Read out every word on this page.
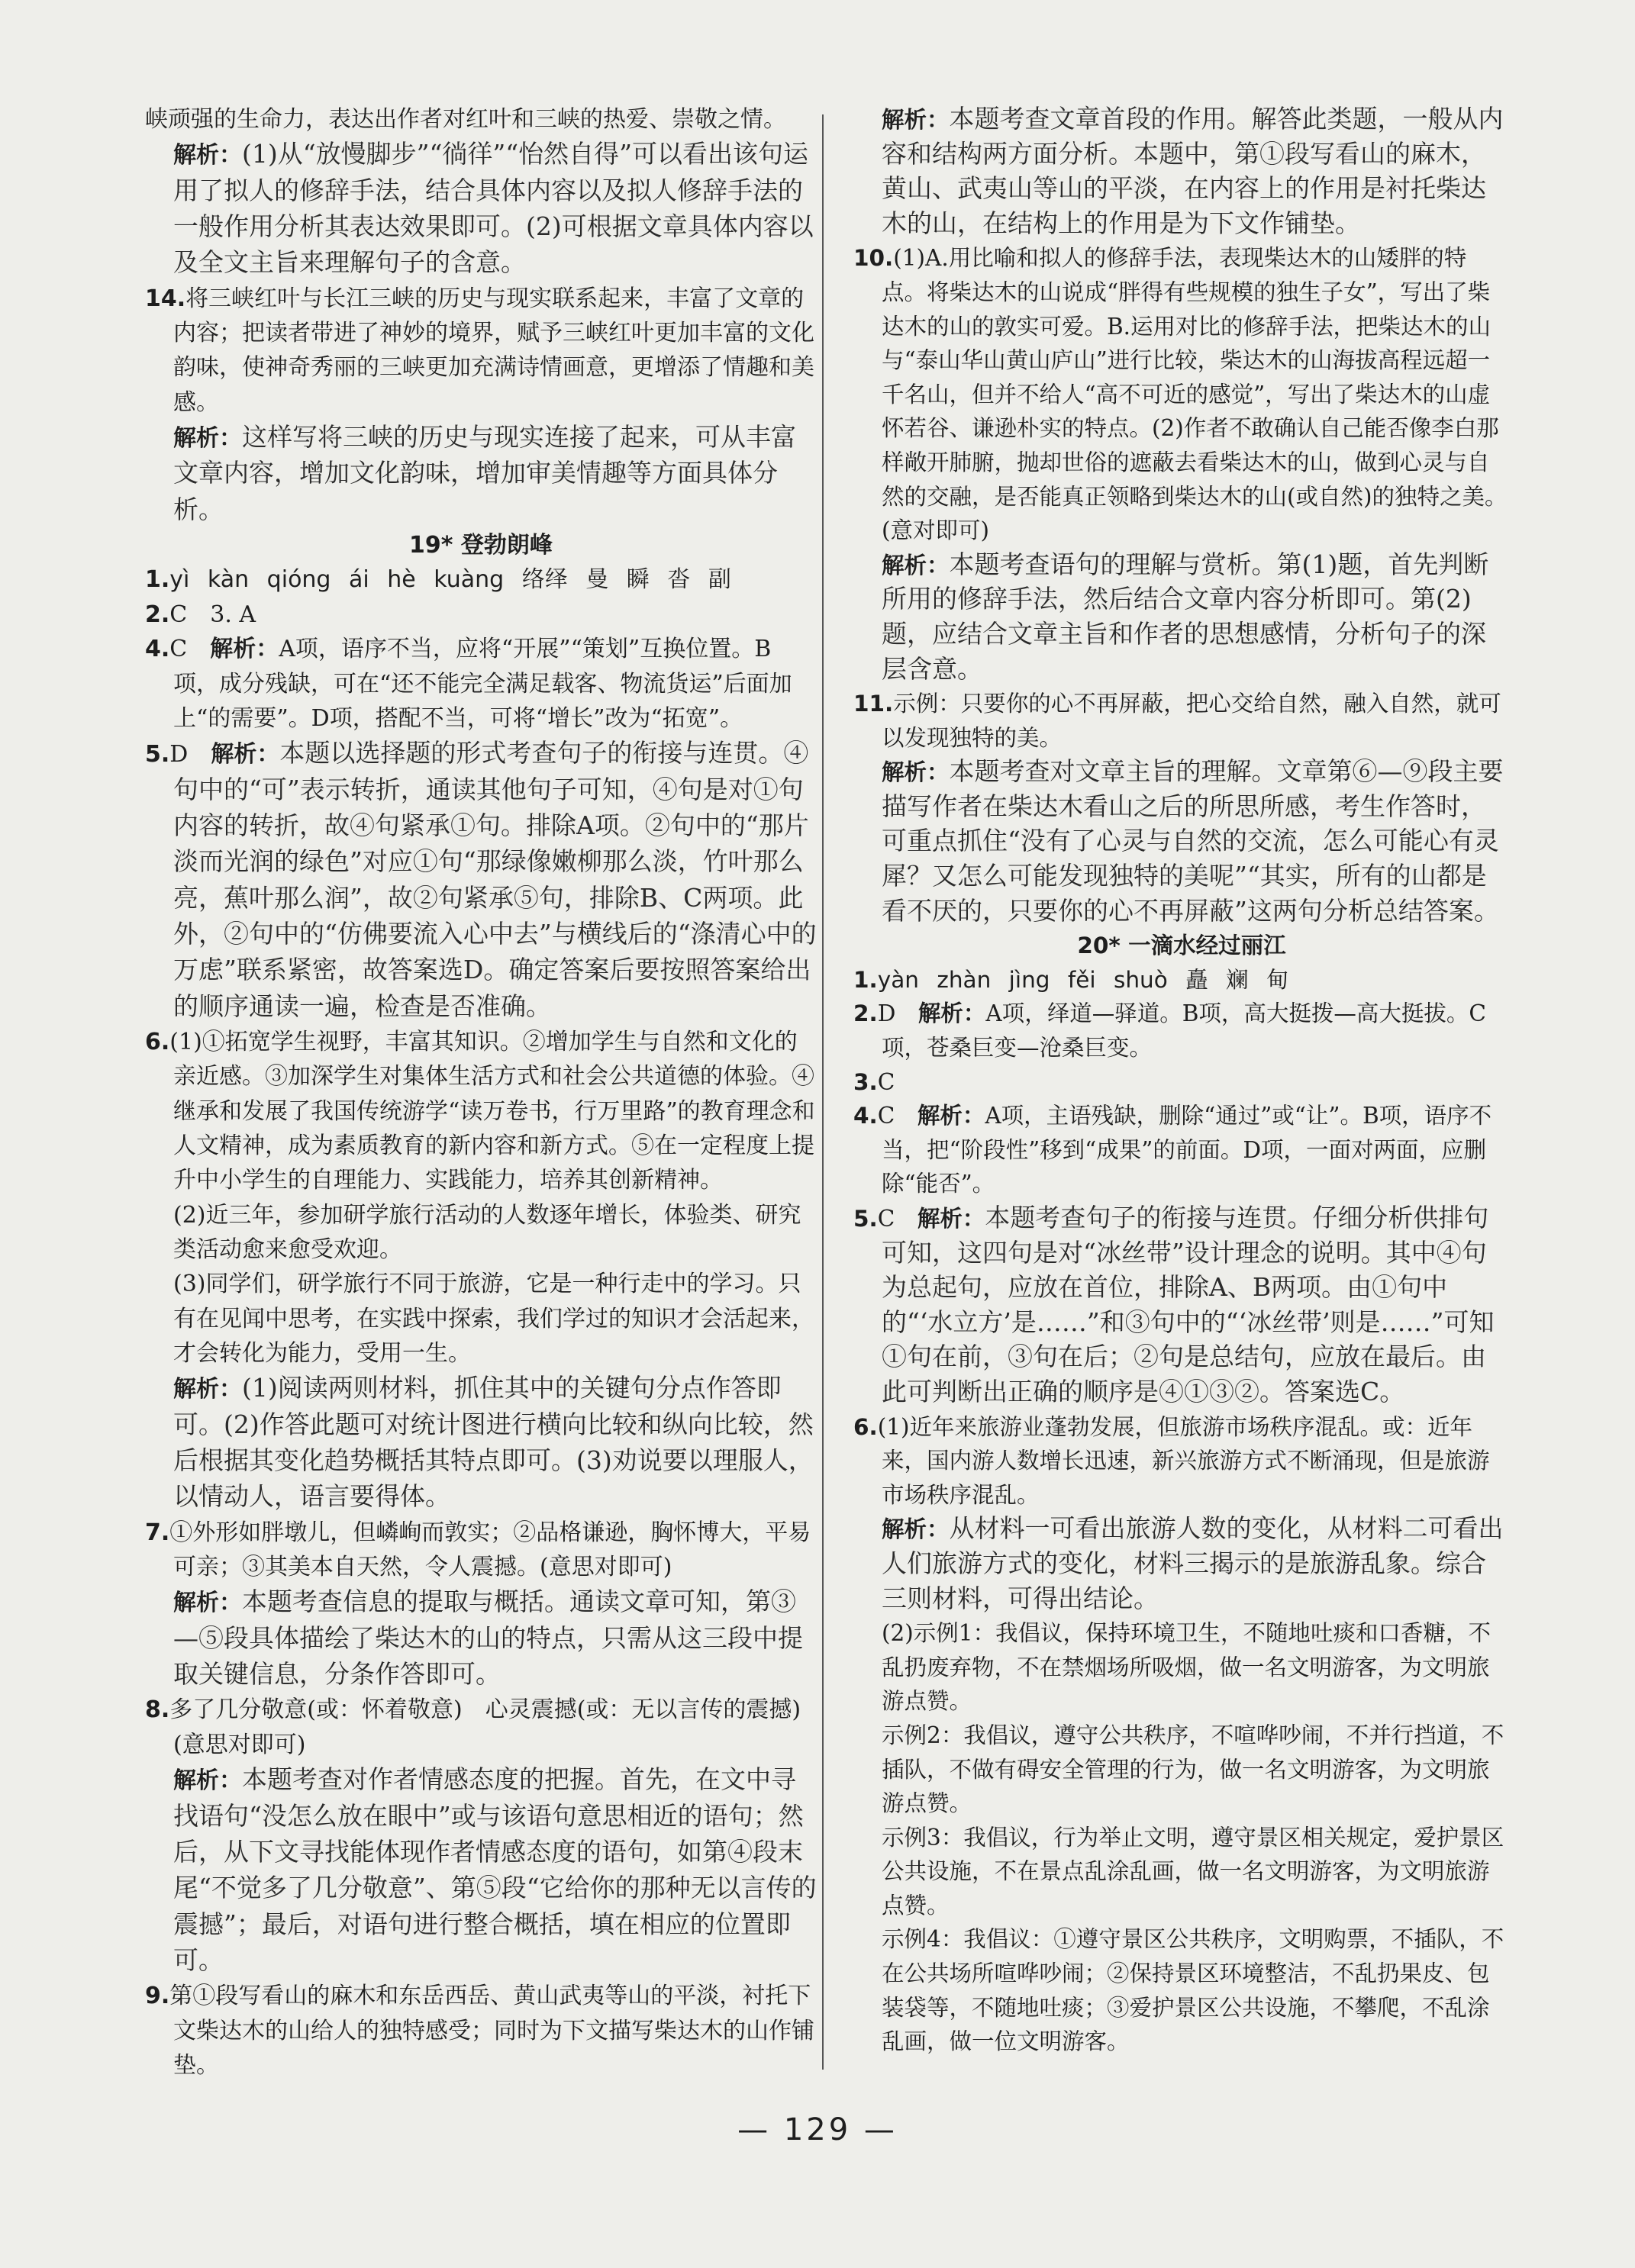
峡顽强的生命力，表达出作者对红叶和三峡的热爱、崇敬之情。

解析：(1)从“放慢脚步”“徜徉”“怡然自得”可以看出该句运用了拟人的修辞手法，结合具体内容以及拟人修辞手法的一般作用分析其表达效果即可。(2)可根据文章具体内容以及全文主旨来理解句子的含意。

14.将三峡红叶与长江三峡的历史与现实联系起来，丰富了文章的内容；把读者带进了神妙的境界，赋予三峡红叶更加丰富的文化韵味，使神奇秀丽的三峡更加充满诗情画意，更增添了情趣和美感。

解析：这样写将三峡的历史与现实连接了起来，可从丰富文章内容，增加文化韵味，增加审美情趣等方面具体分析。

19* 登勃朗峰

1.yì kàn qióng ái hè kuàng 络绎 曼 瞬 沓 副

2.C　3. A

4.C　解析：A项，语序不当，应将“开展”“策划”互换位置。B项，成分残缺，可在“还不能完全满足载客、物流货运”后面加上“的需要”。D项，搭配不当，可将“增长”改为“拓宽”。

5.D　解析：本题以选择题的形式考查句子的衔接与连贯。④句中的“可”表示转折，通读其他句子可知，④句是对①句内容的转折，故④句紧承①句。排除A项。②句中的“那片淡而光润的绿色”对应①句“那绿像嫩柳那么淡，竹叶那么亮，蕉叶那么润”，故②句紧承⑤句，排除B、C两项。此外，②句中的“仿佛要流入心中去”与横线后的“涤清心中的万虑”联系紧密，故答案选D。确定答案后要按照答案给出的顺序通读一遍，检查是否准确。

6.(1)①拓宽学生视野，丰富其知识。②增加学生与自然和文化的亲近感。③加深学生对集体生活方式和社会公共道德的体验。④继承和发展了我国传统游学“读万卷书，行万里路”的教育理念和人文精神，成为素质教育的新内容和新方式。⑤在一定程度上提升中小学生的自理能力、实践能力，培养其创新精神。

(2)近三年，参加研学旅行活动的人数逐年增长，体验类、研究类活动愈来愈受欢迎。

(3)同学们，研学旅行不同于旅游，它是一种行走中的学习。只有在见闻中思考，在实践中探索，我们学过的知识才会活起来，才会转化为能力，受用一生。

解析：(1)阅读两则材料，抓住其中的关键句分点作答即可。(2)作答此题可对统计图进行横向比较和纵向比较，然后根据其变化趋势概括其特点即可。(3)劝说要以理服人，以情动人，语言要得体。

7.①外形如胖墩儿，但嶙峋而敦实；②品格谦逊，胸怀博大，平易可亲；③其美本自天然，令人震撼。(意思对即可)

解析：本题考查信息的提取与概括。通读文章可知，第③—⑤段具体描绘了柴达木的山的特点，只需从这三段中提取关键信息，分条作答即可。

8.多了几分敬意(或：怀着敬意)　心灵震撼(或：无以言传的震撼)(意思对即可)

解析：本题考查对作者情感态度的把握。首先，在文中寻找语句“没怎么放在眼中”或与该语句意思相近的语句；然后，从下文寻找能体现作者情感态度的语句，如第④段末尾“不觉多了几分敬意”、第⑤段“它给你的那种无以言传的震撼”；最后，对语句进行整合概括，填在相应的位置即可。

9.第①段写看山的麻木和东岳西岳、黄山武夷等山的平淡，衬托下文柴达木的山给人的独特感受；同时为下文描写柴达木的山作铺垫。

解析：本题考查文章首段的作用。解答此类题，一般从内容和结构两方面分析。本题中，第①段写看山的麻木，黄山、武夷山等山的平淡，在内容上的作用是衬托柴达木的山，在结构上的作用是为下文作铺垫。

10.(1)A.用比喻和拟人的修辞手法，表现柴达木的山矮胖的特点。将柴达木的山说成“胖得有些规模的独生子女”，写出了柴达木的山的敦实可爱。B.运用对比的修辞手法，把柴达木的山与“泰山华山黄山庐山”进行比较，柴达木的山海拔高程远超一千名山，但并不给人“高不可近的感觉”，写出了柴达木的山虚怀若谷、谦逊朴实的特点。(2)作者不敢确认自己能否像李白那样敞开肺腑，抛却世俗的遮蔽去看柴达木的山，做到心灵与自然的交融，是否能真正领略到柴达木的山(或自然)的独特之美。(意对即可)

解析：本题考查语句的理解与赏析。第(1)题，首先判断所用的修辞手法，然后结合文章内容分析即可。第(2)题，应结合文章主旨和作者的思想感情，分析句子的深层含意。

11.示例：只要你的心不再屏蔽，把心交给自然，融入自然，就可以发现独特的美。

解析：本题考查对文章主旨的理解。文章第⑥—⑨段主要描写作者在柴达木看山之后的所思所感，考生作答时，可重点抓住“没有了心灵与自然的交流，怎么可能心有灵犀？又怎么可能发现独特的美呢”“其实，所有的山都是看不厌的，只要你的心不再屏蔽”这两句分析总结答案。

20* 一滴水经过丽江

1.yàn zhàn jìng fěi shuò 矗 斓 甸

2.D　解析：A项，绎道—驿道。B项，高大挺拨—高大挺拔。C项，苍桑巨变—沧桑巨变。

3.C

4.C　解析：A项，主语残缺，删除“通过”或“让”。B项，语序不当，把“阶段性”移到“成果”的前面。D项，一面对两面，应删除“能否”。

5.C　解析：本题考查句子的衔接与连贯。仔细分析供排句可知，这四句是对“冰丝带”设计理念的说明。其中④句为总起句，应放在首位，排除A、B两项。由①句中的“‘水立方’是……”和③句中的“‘冰丝带’则是……”可知①句在前，③句在后；②句是总结句，应放在最后。由此可判断出正确的顺序是④①③②。答案选C。

6.(1)近年来旅游业蓬勃发展，但旅游市场秩序混乱。或：近年来，国内游人数增长迅速，新兴旅游方式不断涌现，但是旅游市场秩序混乱。

解析：从材料一可看出旅游人数的变化，从材料二可看出人们旅游方式的变化，材料三揭示的是旅游乱象。综合三则材料，可得出结论。

(2)示例1：我倡议，保持环境卫生，不随地吐痰和口香糖，不乱扔废弃物，不在禁烟场所吸烟，做一名文明游客，为文明旅游点赞。

示例2：我倡议，遵守公共秩序，不喧哗吵闹，不并行挡道，不插队，不做有碍安全管理的行为，做一名文明游客，为文明旅游点赞。

示例3：我倡议，行为举止文明，遵守景区相关规定，爱护景区公共设施，不在景点乱涂乱画，做一名文明游客，为文明旅游点赞。

示例4：我倡议：①遵守景区公共秩序，文明购票，不插队，不在公共场所喧哗吵闹；②保持景区环境整洁，不乱扔果皮、包装袋等，不随地吐痰；③爱护景区公共设施，不攀爬，不乱涂乱画，做一位文明游客。

— 129 —
